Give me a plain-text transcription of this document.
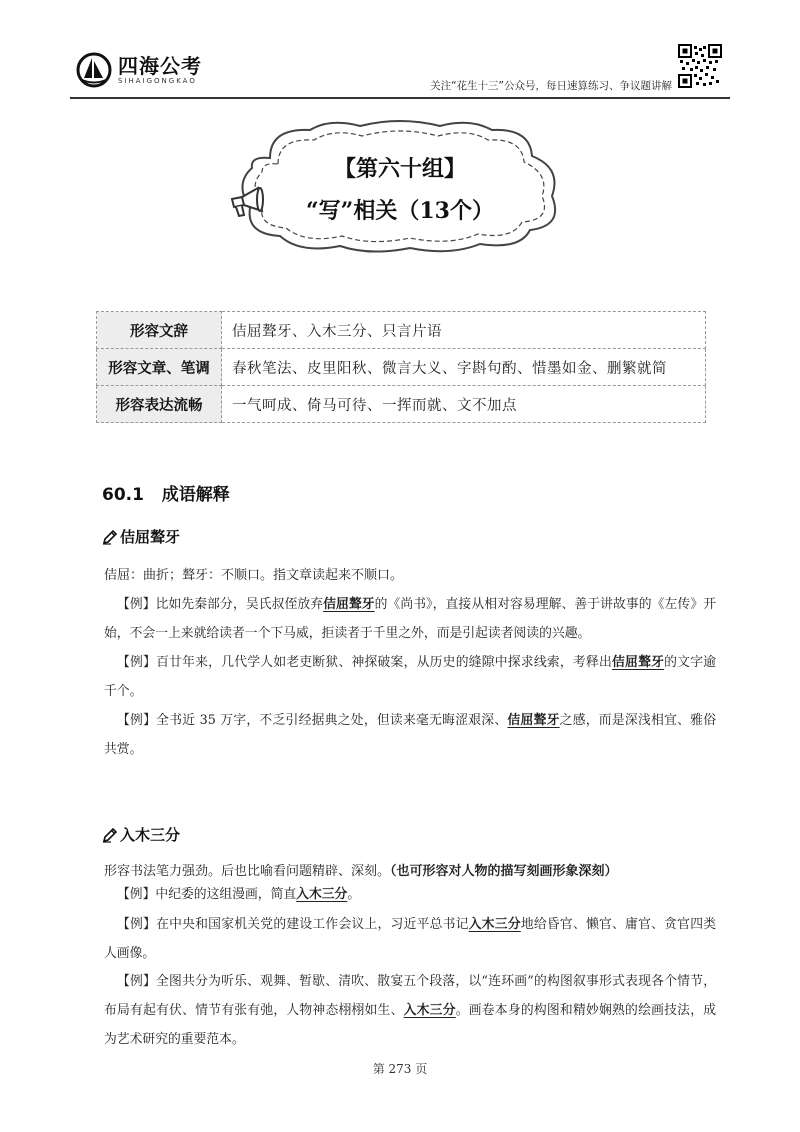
四海公考
SIHAIGONGKAO	关注“花生十三”公众号，每日速算练习、争议题讲解
【第六十组】
“写”相关（13个）
形容文辞	佶屈聱牙、入木三分、只言片语
形容文章、笔调	春秋笔法、皮里阳秋、微言大义、字斟句酌、惜墨如金、删繁就简
形容表达流畅	一气呵成、倚马可待、一挥而就、文不加点
60.1 成语解释
佶屈聱牙
佶屈：曲折；聱牙：不顺口。指文章读起来不顺口。
【例】比如先秦部分，吴氏叔侄放弃佶屈聱牙的《尚书》，直接从相对容易理解、善于讲故事的《左传》开始，不会一上来就给读者一个下马威，拒读者于千里之外，而是引起读者阅读的兴趣。
【例】百廿年来，几代学人如老吏断狱、神探破案，从历史的缝隙中探求线索，考释出佶屈聱牙的文字逾千个。
【例】全书近 35 万字，不乏引经据典之处，但读来毫无晦涩艰深、佶屈聱牙之感，而是深浅相宜、雅俗共赏。
入木三分
形容书法笔力强劲。后也比喻看问题精辟、深刻。（也可形容对人物的描写刻画形象深刻）
【例】中纪委的这组漫画，简直入木三分。
【例】在中央和国家机关党的建设工作会议上，习近平总书记入木三分地给昏官、懒官、庸官、贪官四类人画像。
【例】全图共分为听乐、观舞、暂歇、清吹、散宴五个段落，以“连环画”的构图叙事形式表现各个情节，布局有起有伏、情节有张有弛，人物神态栩栩如生、入木三分。画卷本身的构图和精妙娴熟的绘画技法，成为艺术研究的重要范本。
第 273 页
